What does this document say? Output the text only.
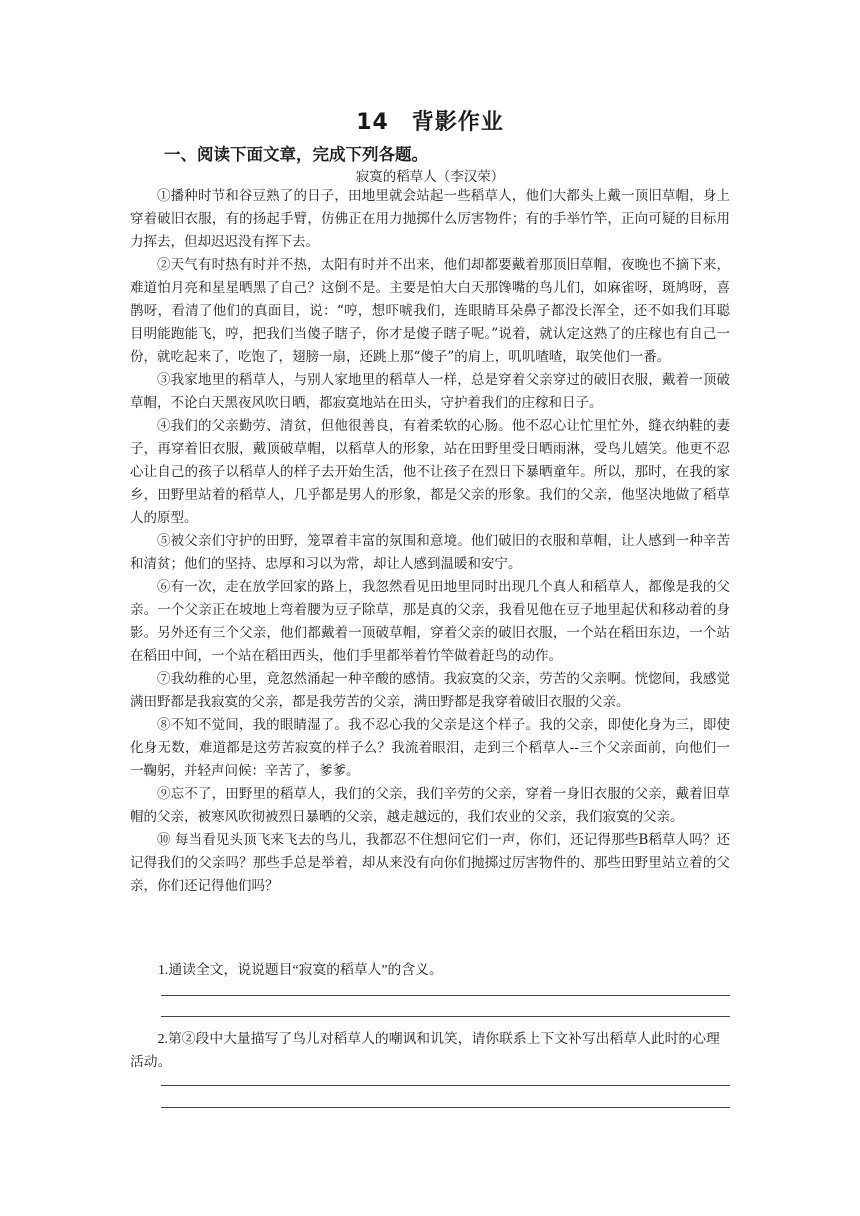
14　背影作业
一、阅读下面文章，完成下列各题。
寂寞的稻草人（李汉荣）

①播种时节和谷豆熟了的日子，田地里就会站起一些稻草人，他们大都头上戴一顶旧草帽，身上穿着破旧衣服，有的扬起手臂，仿佛正在用力抛掷什么厉害物件；有的手举竹竿，正向可疑的目标用力挥去，但却迟迟没有挥下去。

②天气有时热有时并不热，太阳有时并不出来，他们却都要戴着那顶旧草帽，夜晚也不摘下来，难道怕月亮和星星晒黑了自己？这倒不是。主要是怕大白天那馋嘴的鸟儿们，如麻雀呀，斑鸠呀，喜鹊呀，看清了他们的真面目，说：“哼，想吓唬我们，连眼睛耳朵鼻子都没长浑全，还不如我们耳聪目明能跑能飞，哼，把我们当傻子瞎子，你才是傻子瞎子呢。”说着，就认定这熟了的庄稼也有自己一份，就吃起来了，吃饱了，翅膀一扇，还跳上那“傻子”的肩上，叽叽喳喳，取笑他们一番。

③我家地里的稻草人，与别人家地里的稻草人一样，总是穿着父亲穿过的破旧衣服，戴着一顶破草帽，不论白天黑夜风吹日晒，都寂寞地站在田头，守护着我们的庄稼和日子。

④我们的父亲勤劳、清贫，但他很善良，有着柔软的心肠。他不忍心让忙里忙外，缝衣纳鞋的妻子，再穿着旧衣服，戴顶破草帽，以稻草人的形象，站在田野里受日晒雨淋，受鸟儿嬉笑。他更不忍心让自己的孩子以稻草人的样子去开始生活，他不让孩子在烈日下暴晒童年。所以，那时，在我的家乡，田野里站着的稻草人，几乎都是男人的形象，都是父亲的形象。我们的父亲，他坚决地做了稻草人的原型。

⑤被父亲们守护的田野，笼罩着丰富的氛围和意境。他们破旧的衣服和草帽，让人感到一种辛苦和清贫；他们的坚持、忠厚和习以为常，却让人感到温暖和安宁。

⑥有一次，走在放学回家的路上，我忽然看见田地里同时出现几个真人和稻草人，都像是我的父亲。一个父亲正在坡地上弯着腰为豆子除草，那是真的父亲，我看见他在豆子地里起伏和移动着的身影。另外还有三个父亲，他们都戴着一顶破草帽，穿着父亲的破旧衣服，一个站在稻田东边，一个站在稻田中间，一个站在稻田西头，他们手里都举着竹竿做着赶鸟的动作。

⑦我幼稚的心里，竟忽然涌起一种辛酸的感情。我寂寞的父亲，劳苦的父亲啊。恍惚间，我感觉满田野都是我寂寞的父亲，都是我劳苦的父亲，满田野都是我穿着破旧衣服的父亲。

⑧不知不觉间，我的眼睛湿了。我不忍心我的父亲是这个样子。我的父亲，即使化身为三，即使化身无数，难道都是这劳苦寂寞的样子么？我流着眼泪，走到三个稻草人--三个父亲面前，向他们一一鞠躬，并轻声问候：辛苦了，爹爹。

⑨忘不了，田野里的稻草人，我们的父亲，我们辛劳的父亲，穿着一身旧衣服的父亲，戴着旧草帽的父亲，被寒风吹彻被烈日暴晒的父亲，越走越远的，我们农业的父亲，我们寂寞的父亲。

⑩ 每当看见头顶飞来飞去的鸟儿，我都忍不住想问它们一声，你们，还记得那些B稻草人吗？还记得我们的父亲吗？那些手总是举着，却从来没有向你们抛掷过厉害物件的、那些田野里站立着的父亲，你们还记得他们吗？

1.通读全文，说说题目“寂寞的稻草人”的含义。
2.第②段中大量描写了鸟儿对稻草人的嘲讽和讥笑，请你联系上下文补写出稻草人此时的心理活动。
